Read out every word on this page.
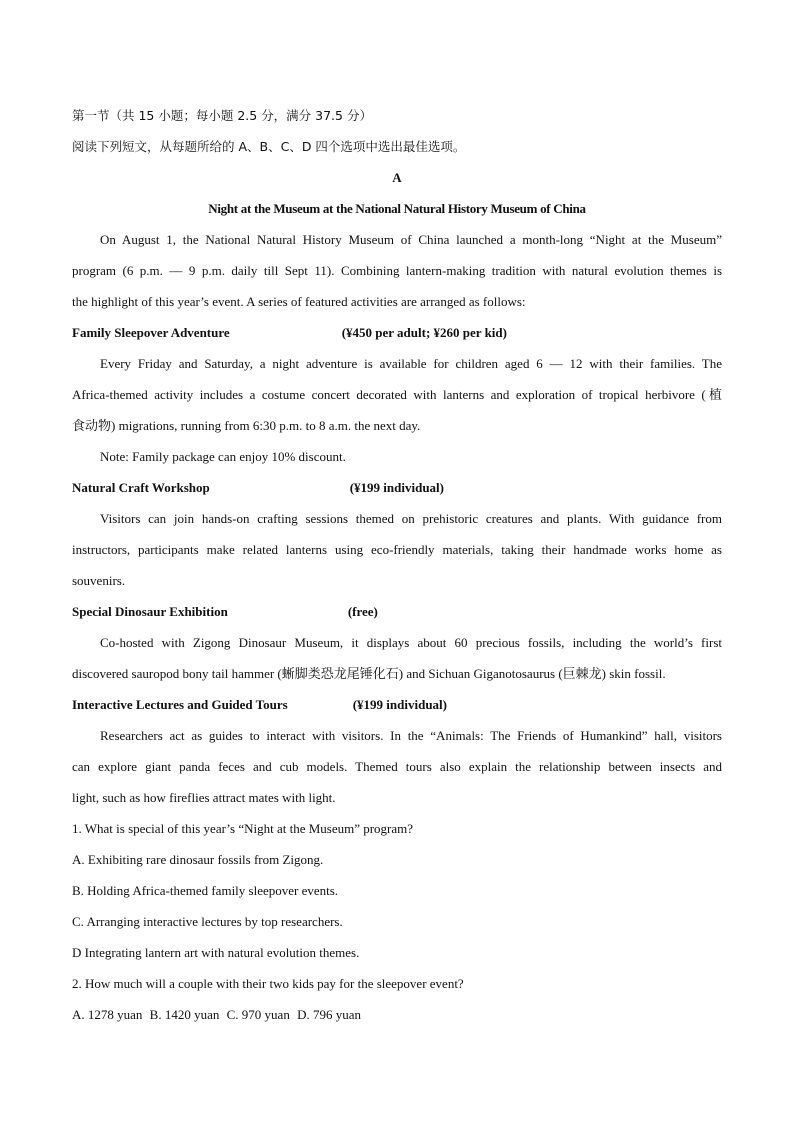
第一节（共 15 小题；每小题 2.5 分，满分 37.5 分）
阅读下列短文，从每题所给的 A、B、C、D 四个选项中选出最佳选项。
A
Night at the Museum at the National Natural History Museum of China
On August 1, the National Natural History Museum of China launched a month-long “Night at the Museum”
program (6 p.m. — 9 p.m. daily till Sept 11). Combining lantern-making tradition with natural evolution themes is
the highlight of this year’s event. A series of featured activities are arranged as follows:
Family Sleepover Adventure	(¥450 per adult; ¥260 per kid)
Every Friday and Saturday, a night adventure is available for children aged 6 — 12 with their families. The
Africa-themed activity includes a costume concert decorated with lanterns and exploration of tropical herbivore (植
食动物) migrations, running from 6:30 p.m. to 8 a.m. the next day.
Note: Family package can enjoy 10% discount.
Natural Craft Workshop	(¥199 individual)
Visitors can join hands-on crafting sessions themed on prehistoric creatures and plants. With guidance from
instructors, participants make related lanterns using eco-friendly materials, taking their handmade works home as
souvenirs.
Special Dinosaur Exhibition	(free)
Co-hosted with Zigong Dinosaur Museum, it displays about 60 precious fossils, including the world’s first
discovered sauropod bony tail hammer (蜥脚类恐龙尾锤化石) and Sichuan Giganotosaurus (巨棘龙) skin fossil.
Interactive Lectures and Guided Tours	(¥199 individual)
Researchers act as guides to interact with visitors. In the “Animals: The Friends of Humankind” hall, visitors
can explore giant panda feces and cub models. Themed tours also explain the relationship between insects and
light, such as how fireflies attract mates with light.
1. What is special of this year’s “Night at the Museum” program?
A. Exhibiting rare dinosaur fossils from Zigong.
B. Holding Africa-themed family sleepover events.
C. Arranging interactive lectures by top researchers.
D Integrating lantern art with natural evolution themes.
2. How much will a couple with their two kids pay for the sleepover event?
A. 1278 yuan B. 1420 yuan C. 970 yuan D. 796 yuan
